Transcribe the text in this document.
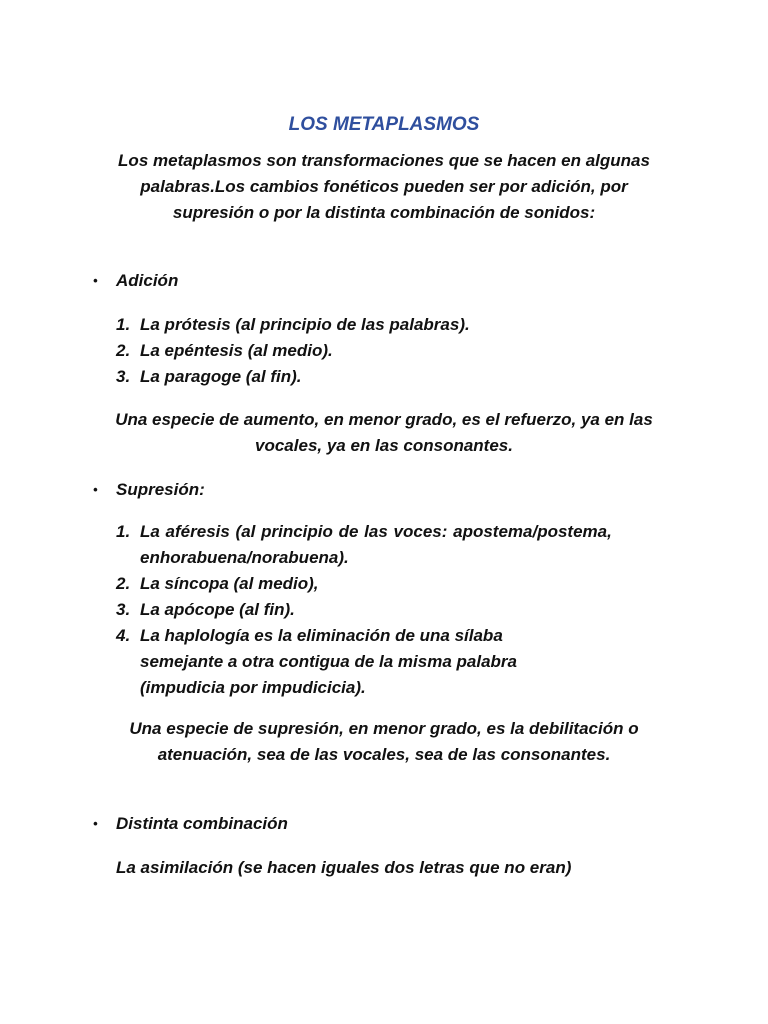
LOS METAPLASMOS
Los metaplasmos son transformaciones que se hacen en algunas palabras.Los cambios fonéticos pueden ser por adición, por supresión o por la distinta combinación de sonidos:
• Adición
1. La prótesis (al principio de las palabras).
2. La epéntesis (al medio).
3. La paragoge (al fin).
Una especie de aumento, en menor grado, es el refuerzo, ya en las vocales, ya en las consonantes.
• Supresión:
1. La aféresis (al principio de las voces: apostema/postema, enhorabuena/norabuena).
2. La síncopa (al medio),
3. La apócope (al fin).
4. La haplología es la eliminación de una sílaba semejante a otra contigua de la misma palabra (impudicia por impudicicia).
Una especie de supresión, en menor grado, es la debilitación o atenuación, sea de las vocales, sea de las consonantes.
• Distinta combinación
La asimilación (se hacen iguales dos letras que no eran)
